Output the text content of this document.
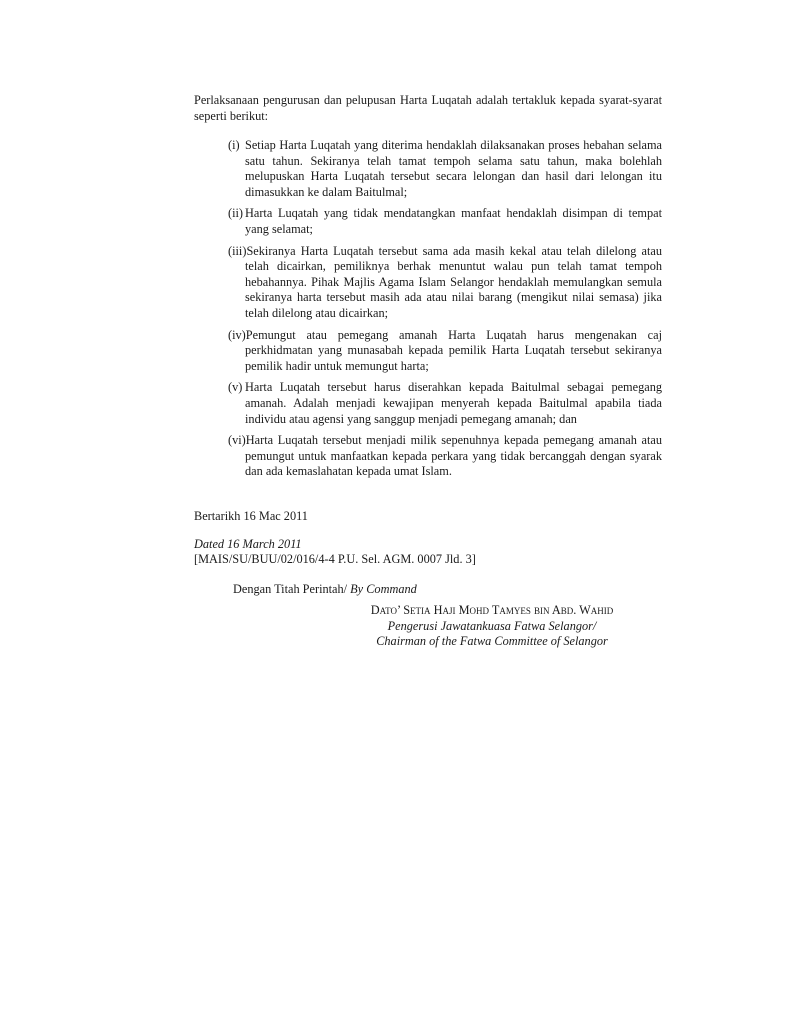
Perlaksanaan pengurusan dan pelupusan Harta Luqatah adalah tertakluk kepada syarat-syarat seperti berikut:

(i) Setiap Harta Luqatah yang diterima hendaklah dilaksanakan proses hebahan selama satu tahun. Sekiranya telah tamat tempoh selama satu tahun, maka bolehlah melupuskan Harta Luqatah tersebut secara lelongan dan hasil dari lelongan itu dimasukkan ke dalam Baitulmal;
(ii) Harta Luqatah yang tidak mendatangkan manfaat hendaklah disimpan di tempat yang selamat;
(iii)Sekiranya Harta Luqatah tersebut sama ada masih kekal atau telah dilelong atau telah dicairkan, pemiliknya berhak menuntut walau pun telah tamat tempoh hebahannya. Pihak Majlis Agama Islam Selangor hendaklah memulangkan semula sekiranya harta tersebut masih ada atau nilai barang (mengikut nilai semasa) jika telah dilelong atau dicairkan;
(iv)Pemungut atau pemegang amanah Harta Luqatah harus mengenakan caj perkhidmatan yang munasabah kepada pemilik Harta Luqatah tersebut sekiranya pemilik hadir untuk memungut harta;
(v) Harta Luqatah tersebut harus diserahkan kepada Baitulmal sebagai pemegang amanah. Adalah menjadi kewajipan menyerah kepada Baitulmal apabila tiada individu atau agensi yang sanggup menjadi pemegang amanah; dan
(vi)Harta Luqatah tersebut menjadi milik sepenuhnya kepada pemegang amanah atau pemungut untuk manfaatkan kepada perkara yang tidak bercanggah dengan syarak dan ada kemaslahatan kepada umat Islam.

Bertarikh 16 Mac 2011

Dated 16 March 2011

[MAIS/SU/BUU/02/016/4-4 P.U. Sel. AGM. 0007 Jld. 3]

Dengan Titah Perintah/ By Command

Dato’ Setia Haji Mohd Tamyes bin Abd. Wahid
Pengerusi Jawatankuasa Fatwa Selangor/
Chairman of the Fatwa Committee of Selangor
